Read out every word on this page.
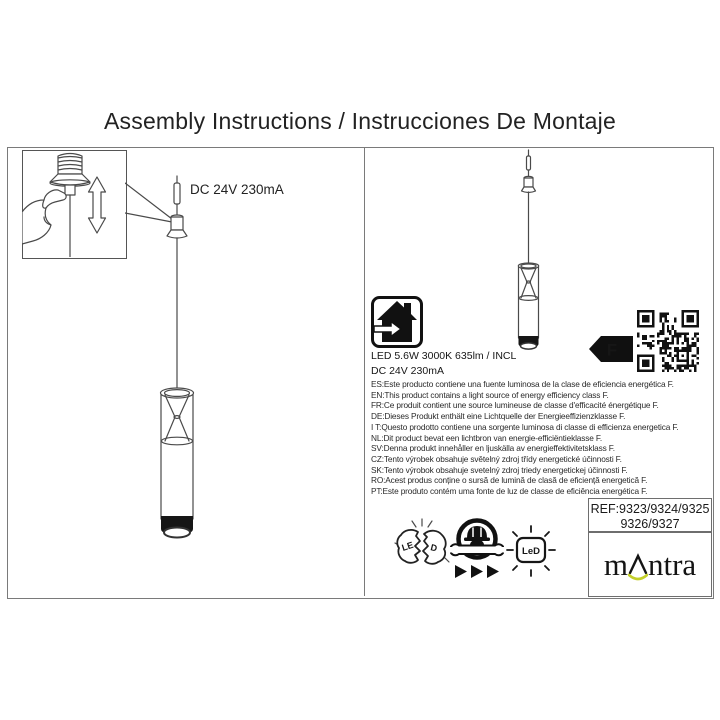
Assembly Instructions / Instrucciones De Montaje
DC 24V 230mA
LED 5.6W 3000K 635lm / INCL
DC 24V 230mA
ES:Este producto contiene una fuente luminosa de la clase de eficiencia energética F.
EN:This product contains a light source of energy efficiency class F.
FR:Ce produit contient une source lumineuse de classe d'efficacité énergétique F.
DE:Dieses Produkt enthält eine Lichtquelle der Energieeffizienzklasse F.
I T:Questo prodotto contiene una sorgente luminosa di classe di efficienza energetica F.
NL:Dit product bevat een lichtbron van energie-efficiëntieklasse F.
SV:Denna produkt innehåller en ljuskälla av energieffektivitetsklass F.
CZ:Tento výrobek obsahuje světelný zdroj třídy energetické účinnosti F.
SK:Tento výrobok obsahuje svetelný zdroj triedy energetickej účinnosti F.
RO:Acest produs conține o sursă de lumină de clasă de eficiență energetică F.
PT:Este produto contém uma fonte de luz de classe de eficiência energética F.
F
LE D	LeD
REF:9323/9324/9325
9326/9327
m ntra
